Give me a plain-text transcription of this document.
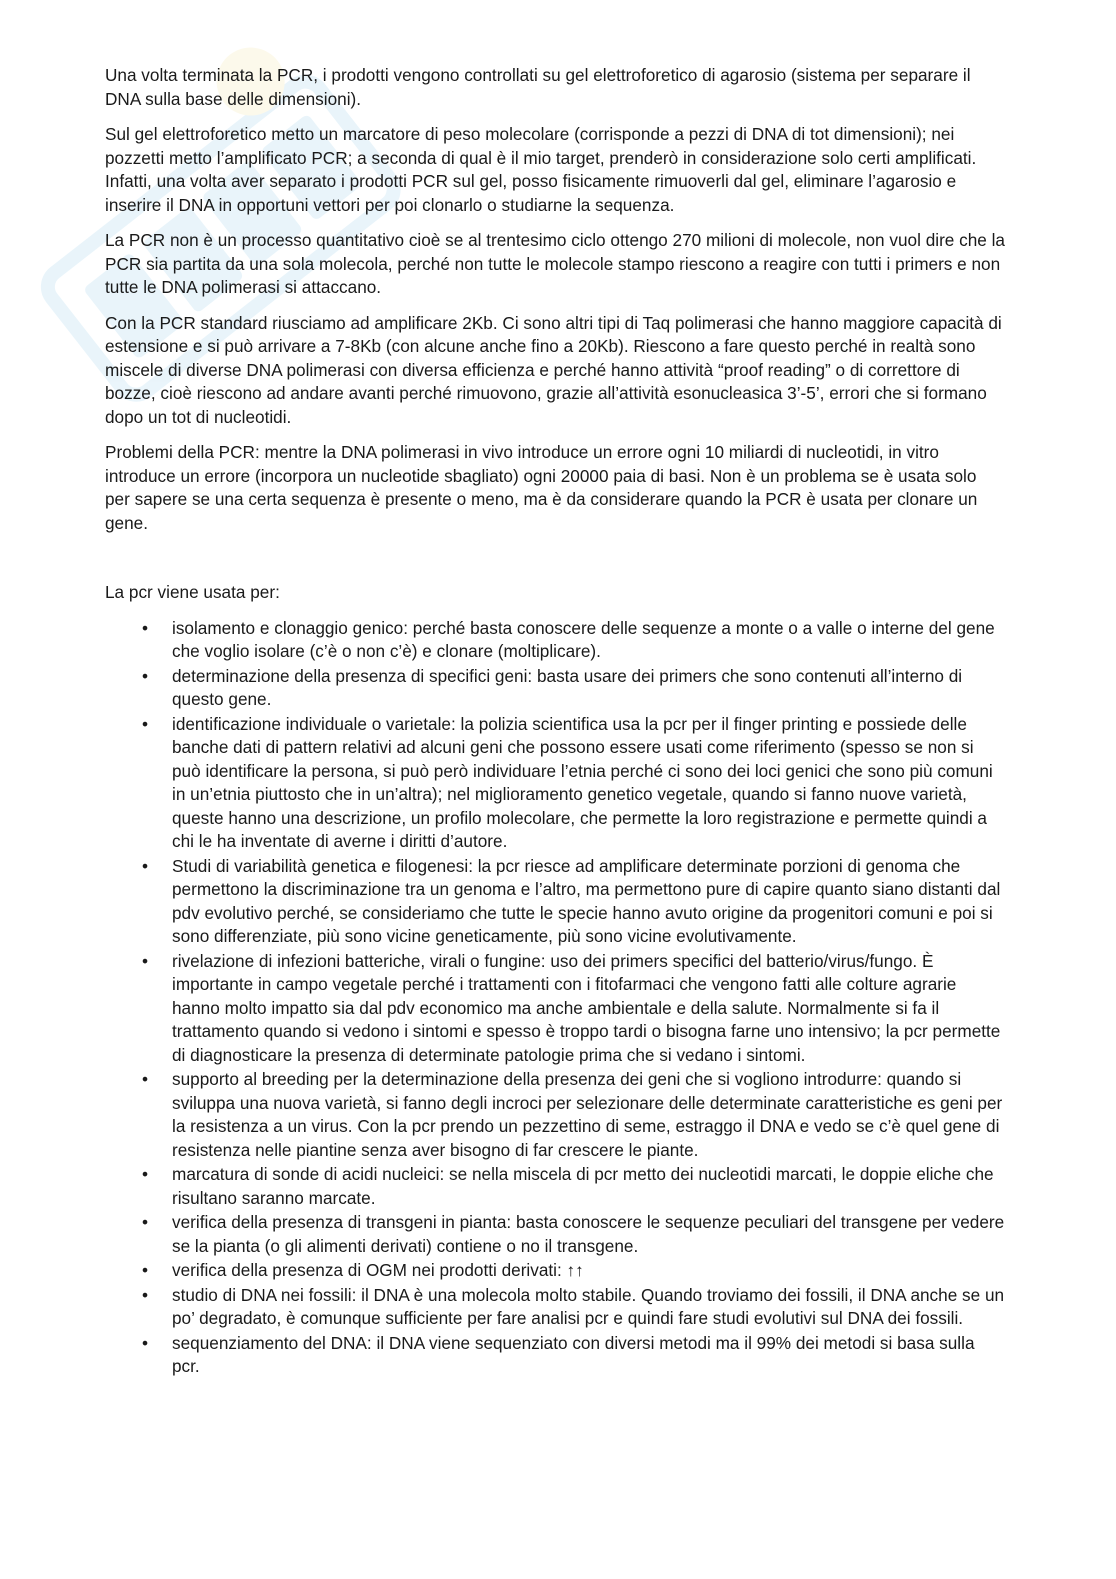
Una volta terminata la PCR, i prodotti vengono controllati su gel elettroforetico di agarosio (sistema per separare il DNA sulla base delle dimensioni).

Sul gel elettroforetico metto un marcatore di peso molecolare (corrisponde a pezzi di DNA di tot dimensioni); nei pozzetti metto l’amplificato PCR; a seconda di qual è il mio target, prenderò in considerazione solo certi amplificati. Infatti, una volta aver separato i prodotti PCR sul gel, posso fisicamente rimuoverli dal gel, eliminare l’agarosio e inserire il DNA in opportuni vettori per poi clonarlo o studiarne la sequenza.

La PCR non è un processo quantitativo cioè se al trentesimo ciclo ottengo 270 milioni di molecole, non vuol dire che la PCR sia partita da una sola molecola, perché non tutte le molecole stampo riescono a reagire con tutti i primers e non tutte le DNA polimerasi si attaccano.

Con la PCR standard riusciamo ad amplificare 2Kb. Ci sono altri tipi di Taq polimerasi che hanno maggiore capacità di estensione e si può arrivare a 7-8Kb (con alcune anche fino a 20Kb). Riescono a fare questo perché in realtà sono miscele di diverse DNA polimerasi con diversa efficienza e perché hanno attività “proof reading” o di correttore di bozze, cioè riescono ad andare avanti perché rimuovono, grazie all’attività esonucleasica 3’-5’, errori che si formano dopo un tot di nucleotidi.

Problemi della PCR: mentre la DNA polimerasi in vivo introduce un errore ogni 10 miliardi di nucleotidi, in vitro introduce un errore (incorpora un nucleotide sbagliato) ogni 20000 paia di basi. Non è un problema se è usata solo per sapere se una certa sequenza è presente o meno, ma è da considerare quando la PCR è usata per clonare un gene.

La pcr viene usata per:

• isolamento e clonaggio genico: perché basta conoscere delle sequenze a monte o a valle o interne del gene che voglio isolare (c’è o non c’è) e clonare (moltiplicare).
• determinazione della presenza di specifici geni: basta usare dei primers che sono contenuti all’interno di questo gene.
• identificazione individuale o varietale: la polizia scientifica usa la pcr per il finger printing e possiede delle banche dati di pattern relativi ad alcuni geni che possono essere usati come riferimento (spesso se non si può identificare la persona, si può però individuare l’etnia perché ci sono dei loci genici che sono più comuni in un’etnia piuttosto che in un’altra); nel miglioramento genetico vegetale, quando si fanno nuove varietà, queste hanno una descrizione, un profilo molecolare, che permette la loro registrazione e permette quindi a chi le ha inventate di averne i diritti d’autore.
• Studi di variabilità genetica e filogenesi: la pcr riesce ad amplificare determinate porzioni di genoma che permettono la discriminazione tra un genoma e l’altro, ma permettono pure di capire quanto siano distanti dal pdv evolutivo perché, se consideriamo che tutte le specie hanno avuto origine da progenitori comuni e poi si sono differenziate, più sono vicine geneticamente, più sono vicine evolutivamente.
• rivelazione di infezioni batteriche, virali o fungine: uso dei primers specifici del batterio/virus/fungo. È importante in campo vegetale perché i trattamenti con i fitofarmaci che vengono fatti alle colture agrarie hanno molto impatto sia dal pdv economico ma anche ambientale e della salute. Normalmente si fa il trattamento quando si vedono i sintomi e spesso è troppo tardi o bisogna farne uno intensivo; la pcr permette di diagnosticare la presenza di determinate patologie prima che si vedano i sintomi.
• supporto al breeding per la determinazione della presenza dei geni che si vogliono introdurre: quando si sviluppa una nuova varietà, si fanno degli incroci per selezionare delle determinate caratteristiche es geni per la resistenza a un virus. Con la pcr prendo un pezzettino di seme, estraggo il DNA e vedo se c’è quel gene di resistenza nelle piantine senza aver bisogno di far crescere le piante.
• marcatura di sonde di acidi nucleici: se nella miscela di pcr metto dei nucleotidi marcati, le doppie eliche che risultano saranno marcate.
• verifica della presenza di transgeni in pianta: basta conoscere le sequenze peculiari del transgene per vedere se la pianta (o gli alimenti derivati) contiene o no il transgene.
• verifica della presenza di OGM nei prodotti derivati: ↑↑
• studio di DNA nei fossili: il DNA è una molecola molto stabile. Quando troviamo dei fossili, il DNA anche se un po’ degradato, è comunque sufficiente per fare analisi pcr e quindi fare studi evolutivi sul DNA dei fossili.
• sequenziamento del DNA: il DNA viene sequenziato con diversi metodi ma il 99% dei metodi si basa sulla pcr.
